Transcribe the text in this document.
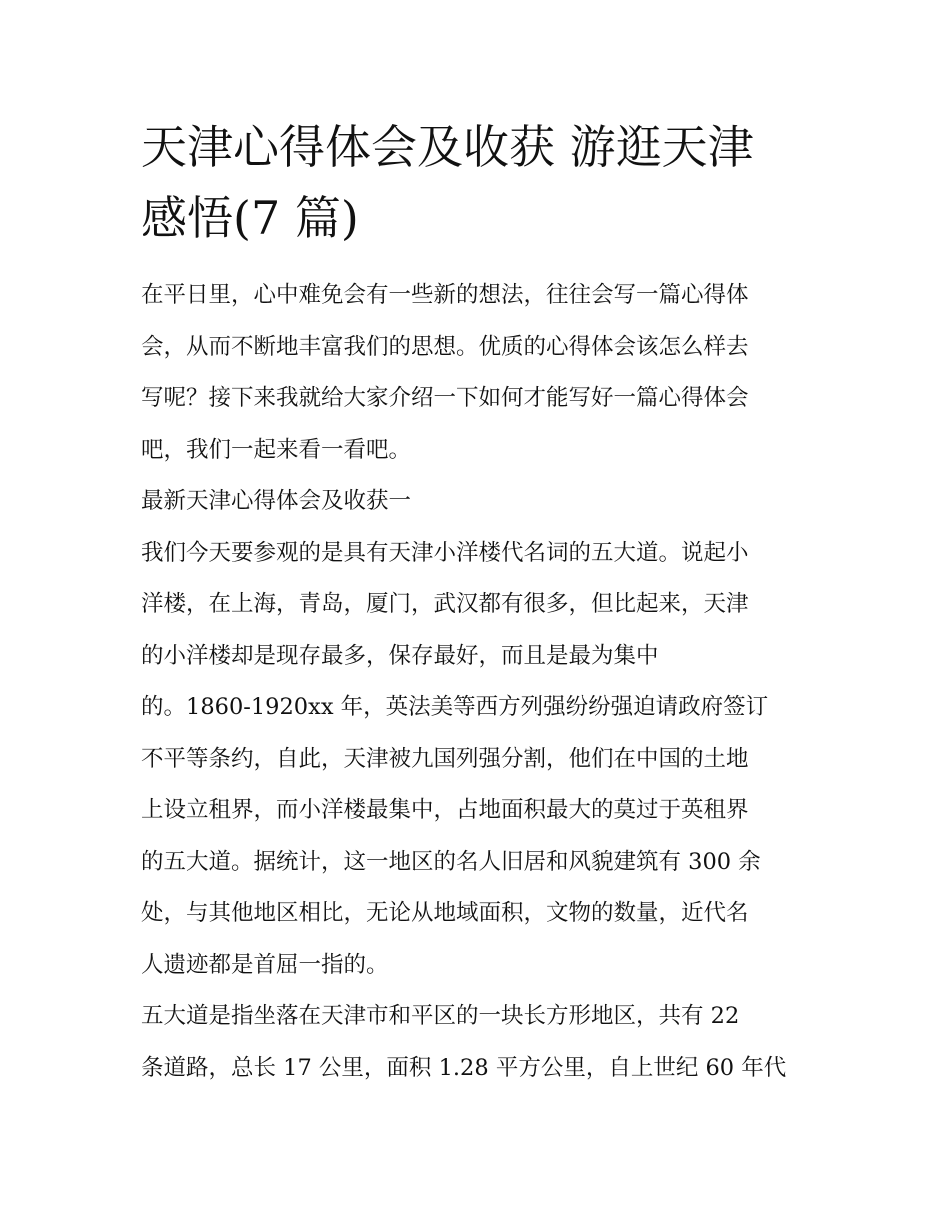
天津心得体会及收获 游逛天津
感悟(7 篇)
在平日里，心中难免会有一些新的想法，往往会写一篇心得体
会，从而不断地丰富我们的思想。优质的心得体会该怎么样去
写呢？接下来我就给大家介绍一下如何才能写好一篇心得体会
吧，我们一起来看一看吧。
最新天津心得体会及收获一
我们今天要参观的是具有天津小洋楼代名词的五大道。说起小
洋楼，在上海，青岛，厦门，武汉都有很多，但比起来，天津
的小洋楼却是现存最多，保存最好，而且是最为集中
的。1860-1920xx 年，英法美等西方列强纷纷强迫请政府签订
不平等条约，自此，天津被九国列强分割，他们在中国的土地
上设立租界，而小洋楼最集中，占地面积最大的莫过于英租界
的五大道。据统计，这一地区的名人旧居和风貌建筑有 300 余
处，与其他地区相比，无论从地域面积，文物的数量，近代名
人遗迹都是首屈一指的。
五大道是指坐落在天津市和平区的一块长方形地区，共有 22
条道路，总长 17 公里，面积 1.28 平方公里，自上世纪 60 年代
